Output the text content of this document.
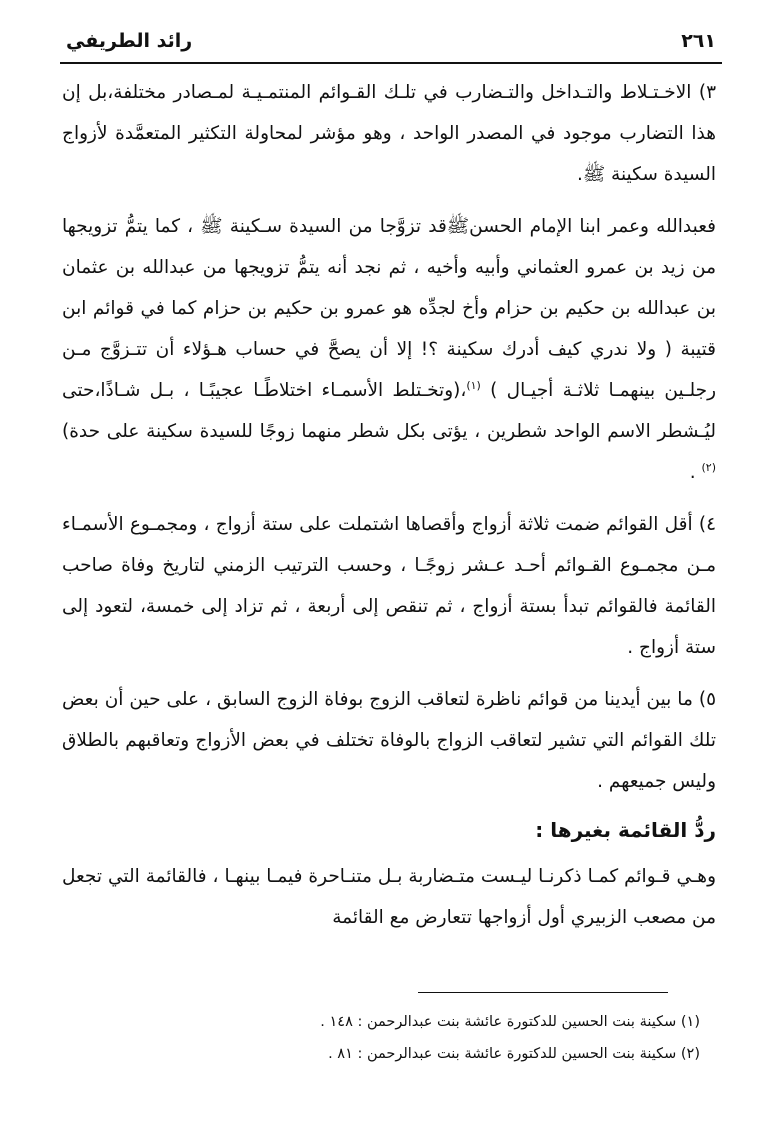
٢٦١
رائد الطريفي

٣) الاخـتـلاط والتـداخل والتـضارب في تلـك القـوائم المنتمـيـة لمـصادر مختلفة،بل إن هذا التضارب موجود في المصدر الواحد ، وهو مؤشر لمحاولة التكثير المتعمَّدة لأزواج السيدة سكينة ﷺ.

فعبدالله وعمر ابنا الإمام الحسنﷺقد تزوَّجا من السيدة سـكينة ﷺ ، كما يتمُّ تزويجها من زيد بن عمرو العثماني وأبيه وأخيه ، ثم نجد أنه يتمُّ تزويجها من عبدالله بن عثمان بن عبدالله بن حكيم بن حزام وأخ لجدِّه هو عمرو بن حكيم بن حزام كما في قوائم ابن قتيبة ( ولا ندري كيف أدرك سكينة ؟! إلا أن يصحَّ في حساب هـؤلاء أن تتـزوَّج مـن رجلـين بينهمـا ثلاثـة أجيـال ) $^{(١)}$،(وتخـتلط الأسمـاء اختلاطًـا عجيبًـا ، بـل شـاذًا،حتى ليُـشطر الاسم الواحد شطرين ، يؤتى بكل شطر منهما زوجًا للسيدة سكينة على حدة)$^{(٢)}$ .

٤) أقل القوائم ضمت ثلاثة أزواج وأقصاها اشتملت على ستة أزواج ، ومجمـوع الأسمـاء مـن مجمـوع القـوائم أحـد عـشر زوجًـا ، وحسب الترتيب الزمني لتاريخ وفاة صاحب القائمة فالقوائم تبدأ بستة أزواج ، ثم تنقص إلى أربعة ، ثم تزاد إلى خمسة، لتعود إلى ستة أزواج .

٥) ما بين أيدينا من قوائم ناظرة لتعاقب الزوج بوفاة الزوج السابق ، على حين أن بعض تلك القوائم التي تشير لتعاقب الزواج بالوفاة تختلف في بعض الأزواج وتعاقبهم بالطلاق وليس جميعهم .

ردُّ القائمة بغيرها :

وهـي قـوائم كمـا ذكرنـا ليـست متـضاربة بـل متنـاحرة فيمـا بينهـا ، فالقائمة التي تجعل من مصعب الزبيري أول أزواجها تتعارض مع القائمة

(١) سكينة بنت الحسين للدكتورة عائشة بنت عبدالرحمن : ١٤٨ .
(٢) سكينة بنت الحسين للدكتورة عائشة بنت عبدالرحمن : ٨١ .
